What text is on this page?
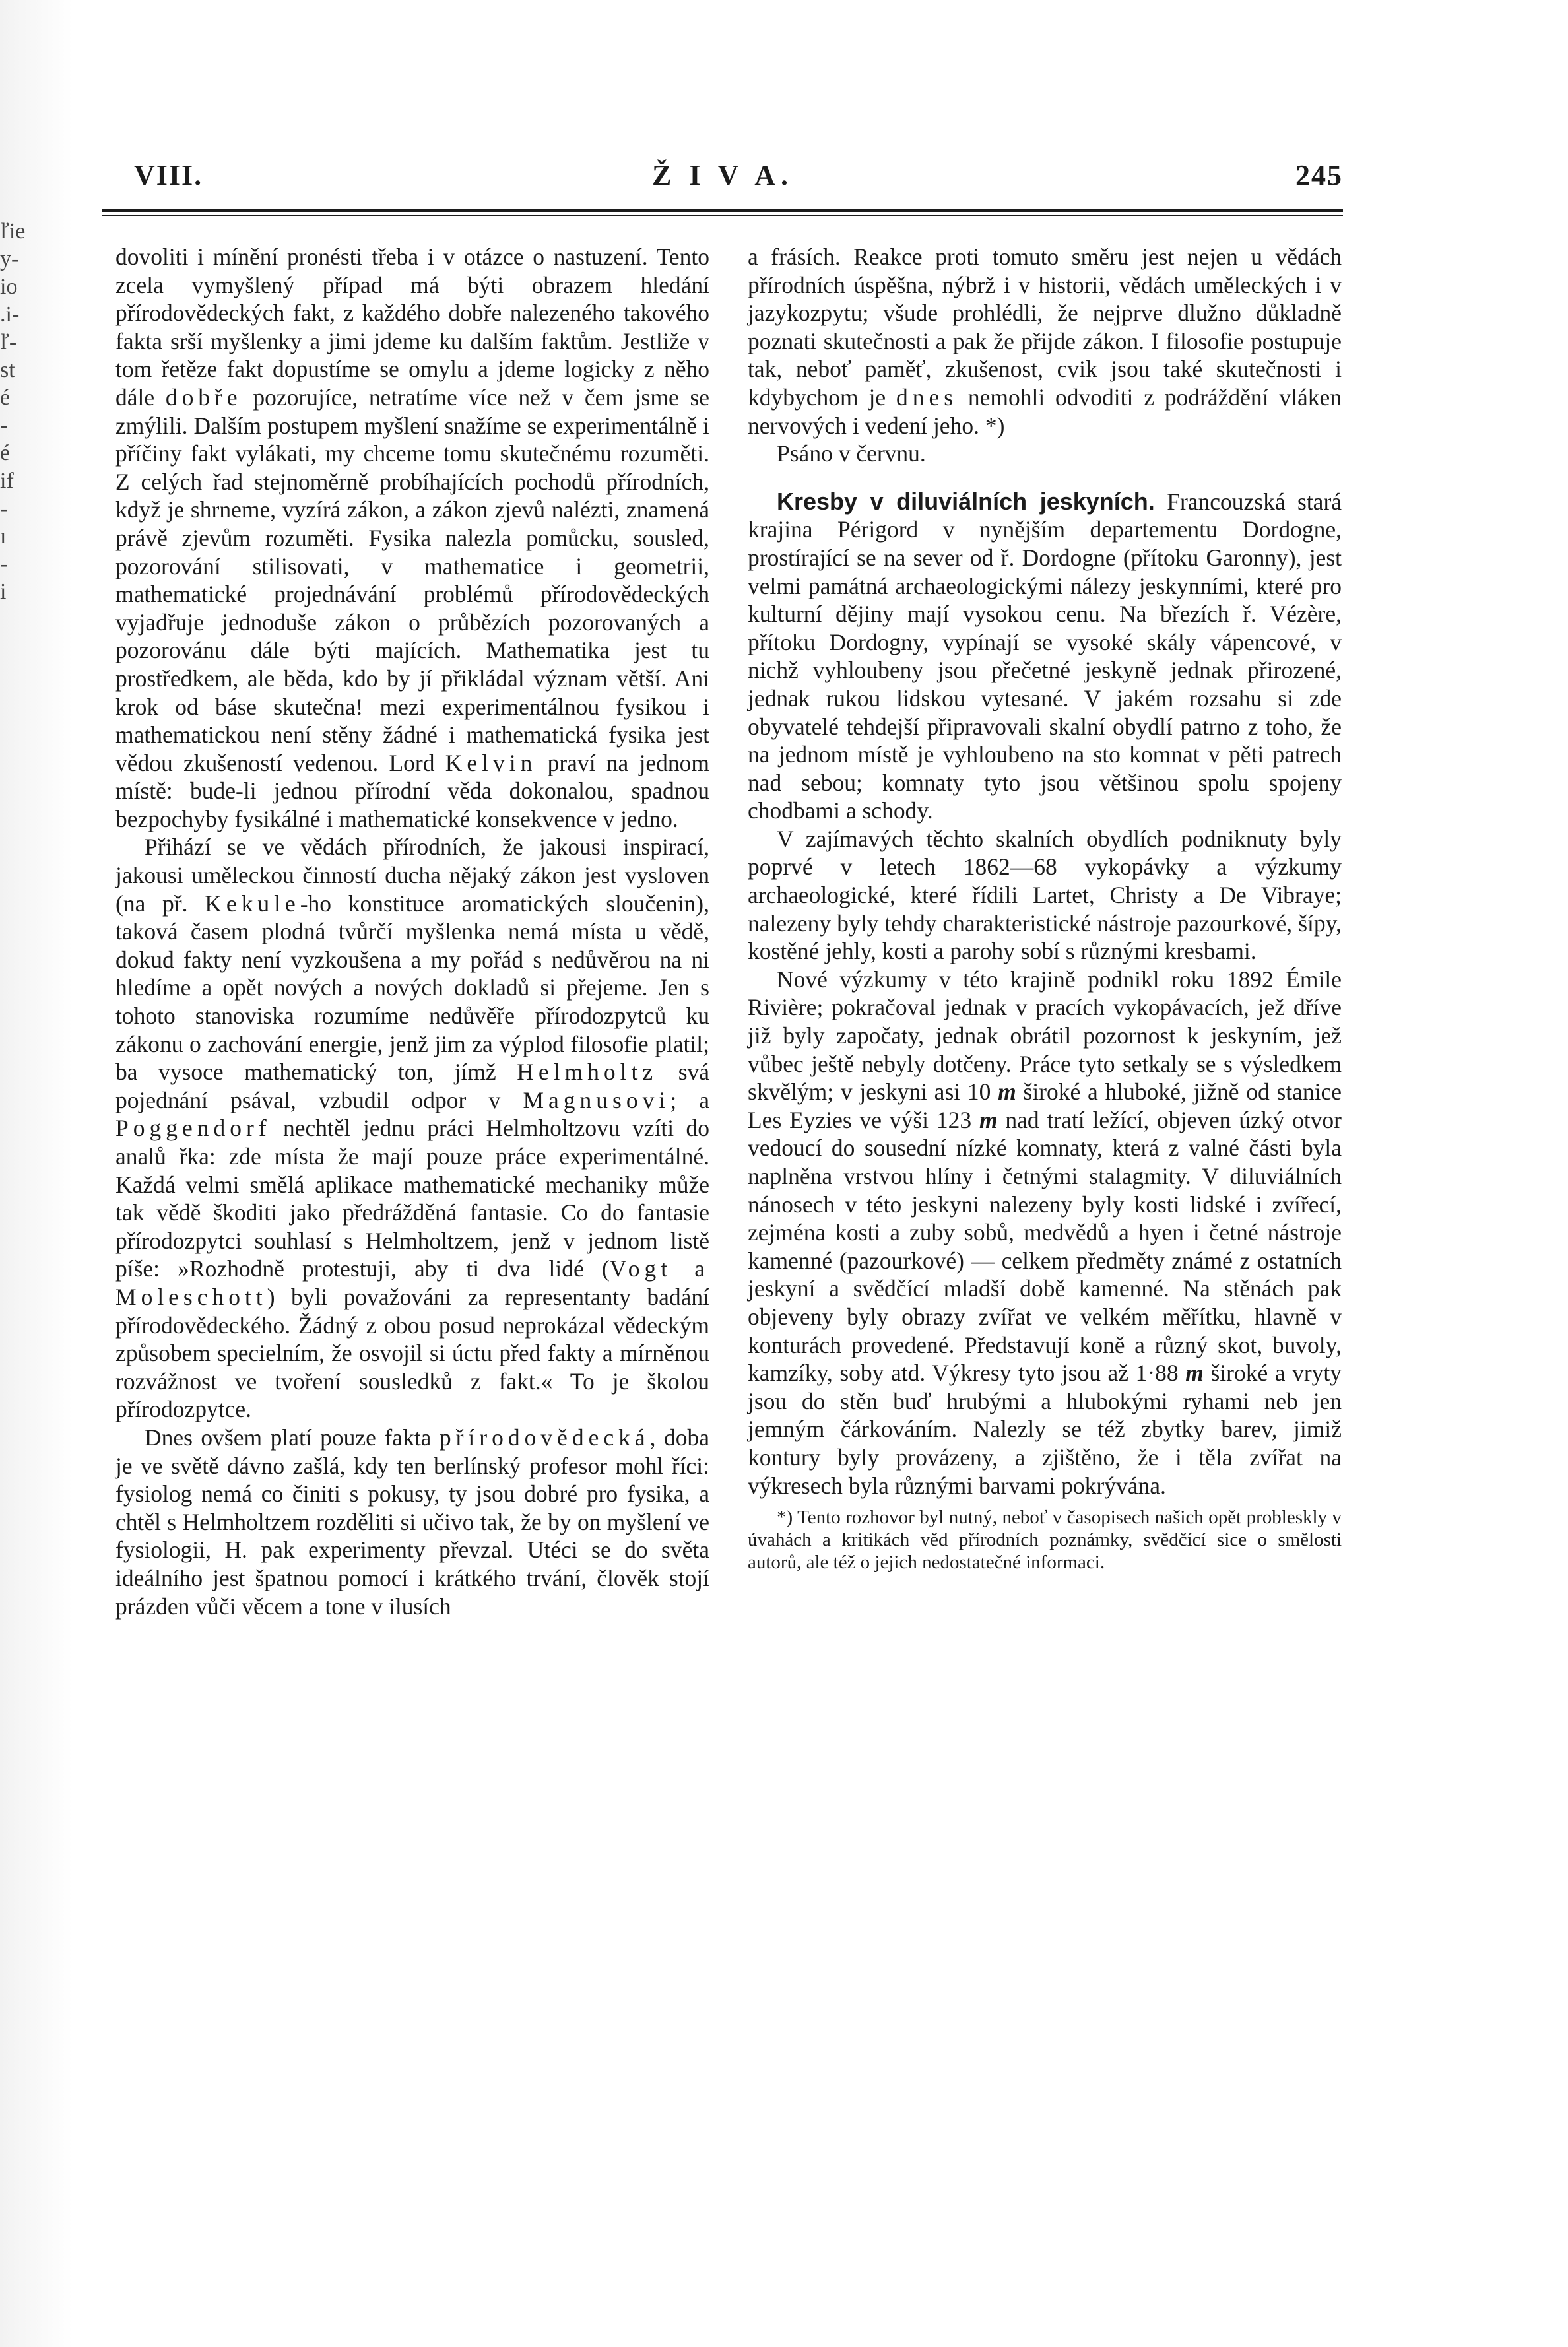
ľie
y-
io
.i-
ľ-
st
é
-
é
if
-
ı
-
i
VIII.	Ž I V A.	245

dovoliti i mínění pronésti třeba i v otázce o nastuzení. Tento zcela vymyšlený případ má býti obrazem hledání přírodovědeckých fakt, z každého dobře nalezeného takového fakta srší myšlenky a jimi jdeme ku dalším faktům. Jestliže v tom řetěze fakt dopustíme se omylu a jdeme logicky z něho dále dobře pozorujíce, netratíme více než v čem jsme se zmýlili. Dalším postupem myšlení snažíme se experimentálně i příčiny fakt vylákati, my chceme tomu skutečnému rozuměti. Z celých řad stejnoměrně probíhajících pochodů přírodních, když je shrneme, vyzírá zákon, a zákon zjevů nalézti, znamená právě zjevům rozuměti. Fysika nalezla pomůcku, sousled, pozorování stilisovati, v mathematice i geometrii, mathematické projednávání problémů přírodovědeckých vyjadřuje jednoduše zákon o průbězích pozorovaných a pozorovánu dále býti majících. Mathematika jest tu prostředkem, ale běda, kdo by jí přikládal význam větší. Ani krok od báse skutečna! mezi experimentálnou fysikou i mathematickou není stěny žádné i mathematická fysika jest vědou zkušeností vedenou. Lord Kelvin praví na jednom místě: bude-li jednou přírodní věda dokonalou, spadnou bezpochyby fysikálné i mathematické konsekvence v jedno.

Přihází se ve vědách přírodních, že jakousi inspirací, jakousi uměleckou činností ducha nějaký zákon jest vysloven (na př. Kekule-ho konstituce aromatických sloučenin), taková časem plodná tvůrčí myšlenka nemá místa u vědě, dokud fakty není vyzkoušena a my pořád s nedůvěrou na ni hledíme a opět nových a nových dokladů si přejeme. Jen s tohoto stanoviska rozumíme nedůvěře přírodozpytců ku zákonu o zachování energie, jenž jim za výplod filosofie platil; ba vysoce mathematický ton, jímž Helmholtz svá pojednání psával, vzbudil odpor v Magnusovi; a Poggendorf nechtěl jednu práci Helmholtzovu vzíti do analů řka: zde místa že mají pouze práce experimentálné. Každá velmi smělá aplikace mathematické mechaniky může tak vědě škoditi jako předrážděná fantasie. Co do fantasie přírodozpytci souhlasí s Helmholtzem, jenž v jednom listě píše: »Rozhodně protestuji, aby ti dva lidé (Vogt a Moleschott) byli považováni za representanty badání přírodovědeckého. Žádný z obou posud neprokázal vědeckým způsobem specielním, že osvojil si úctu před fakty a mírněnou rozvážnost ve tvoření sousledků z fakt.« To je školou přírodozpytce.

Dnes ovšem platí pouze fakta přírodovědecká, doba je ve světě dávno zašlá, kdy ten berlínský profesor mohl říci: fysiolog nemá co činiti s pokusy, ty jsou dobré pro fysika, a chtěl s Helmholtzem rozděliti si učivo tak, že by on myšlení ve fysiologii, H. pak experimenty převzal. Utéci se do světa ideálního jest špatnou pomocí i krátkého trvání, člověk stojí prázden vůči věcem a tone v ilusích

a frásích. Reakce proti tomuto směru jest nejen u vědách přírodních úspěšna, nýbrž i v historii, vědách uměleckých i v jazykozpytu; všude prohlédli, že nejprve dlužno důkladně poznati skutečnosti a pak že přijde zákon. I filosofie postupuje tak, neboť paměť, zkušenost, cvik jsou také skutečnosti i kdybychom je dnes nemohli odvoditi z podráždění vláken nervových i vedení jeho. *)

Psáno v červnu.

Kresby v diluviálních jeskyních. Francouzská stará krajina Périgord v nynějším departementu Dordogne, prostírající se na sever od ř. Dordogne (přítoku Garonny), jest velmi památná archaeologickými nálezy jeskynními, které pro kulturní dějiny mají vysokou cenu. Na březích ř. Vézère, přítoku Dordogny, vypínají se vysoké skály vápencové, v nichž vyhloubeny jsou přečetné jeskyně jednak přirozené, jednak rukou lidskou vytesané. V jakém rozsahu si zde obyvatelé tehdejší připravovali skalní obydlí patrno z toho, že na jednom místě je vyhloubeno na sto komnat v pěti patrech nad sebou; komnaty tyto jsou většinou spolu spojeny chodbami a schody.

V zajímavých těchto skalních obydlích podniknuty byly poprvé v letech 1862—68 vykopávky a výzkumy archaeologické, které řídili Lartet, Christy a De Vibraye; nalezeny byly tehdy charakteristické nástroje pazourkové, šípy, kostěné jehly, kosti a parohy sobí s různými kresbami.

Nové výzkumy v této krajině podnikl roku 1892 Émile Rivière; pokračoval jednak v pracích vykopávacích, jež dříve již byly započaty, jednak obrátil pozornost k jeskyním, jež vůbec ještě nebyly dotčeny. Práce tyto setkaly se s výsledkem skvělým; v jeskyni asi 10 m široké a hluboké, jižně od stanice Les Eyzies ve výši 123 m nad tratí ležící, objeven úzký otvor vedoucí do sousední nízké komnaty, která z valné části byla naplněna vrstvou hlíny i četnými stalagmity. V diluviálních nánosech v této jeskyni nalezeny byly kosti lidské i zvířecí, zejména kosti a zuby sobů, medvědů a hyen i četné nástroje kamenné (pazourkové) — celkem předměty známé z ostatních jeskyní a svědčící mladší době kamenné. Na stěnách pak objeveny byly obrazy zvířat ve velkém měřítku, hlavně v konturách provedené. Představují koně a různý skot, buvoly, kamzíky, soby atd. Výkresy tyto jsou až 1·88 m široké a vryty jsou do stěn buď hrubými a hlubokými ryhami neb jen jemným čárkováním. Nalezly se též zbytky barev, jimiž kontury byly provázeny, a zjištěno, že i těla zvířat na výkresech byla různými barvami pokrývána.

*) Tento rozhovor byl nutný, neboť v časopisech našich opět probleskly v úvahách a kritikách věd přírodních poznámky, svědčící sice o smělosti autorů, ale též o jejich nedostatečné informaci.
